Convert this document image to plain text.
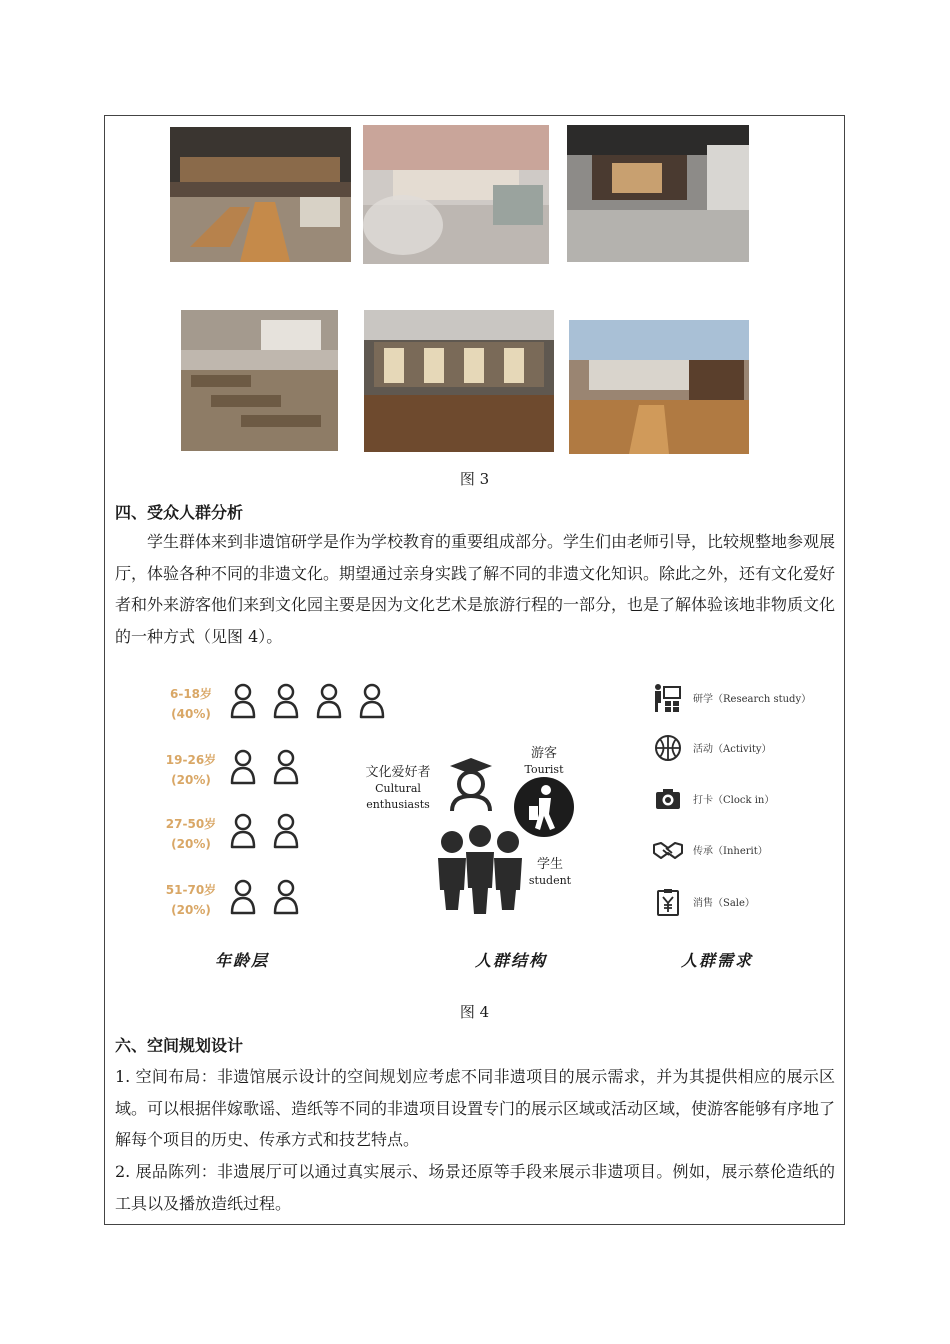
图 3
四、受众人群分析
学生群体来到非遗馆研学是作为学校教育的重要组成部分。学生们由老师引导，比较规整地参观展厅，体验各种不同的非遗文化。期望通过亲身实践了解不同的非遗文化知识。除此之外，还有文化爱好者和外来游客他们来到文化园主要是因为文化艺术是旅游行程的一部分，也是了解体验该地非物质文化的一种方式（见图 4）。
6-18岁
(40%)
19-26岁
(20%)
27-50岁
(20%)
51-70岁
(20%)
文化爱好者
Cultural enthusiasts
游客
Tourist
学生
student
研学（Research study）
活动（Activity）
打卡（Clock in）
传承（Inherit）
消售（Sale）
年龄层	人群结构	人群需求
图 4
六、空间规划设计
1. 空间布局：非遗馆展示设计的空间规划应考虑不同非遗项目的展示需求，并为其提供相应的展示区域。可以根据伴嫁歌谣、造纸等不同的非遗项目设置专门的展示区域或活动区域，使游客能够有序地了解每个项目的历史、传承方式和技艺特点。
2. 展品陈列：非遗展厅可以通过真实展示、场景还原等手段来展示非遗项目。例如，展示蔡伦造纸的工具以及播放造纸过程。
